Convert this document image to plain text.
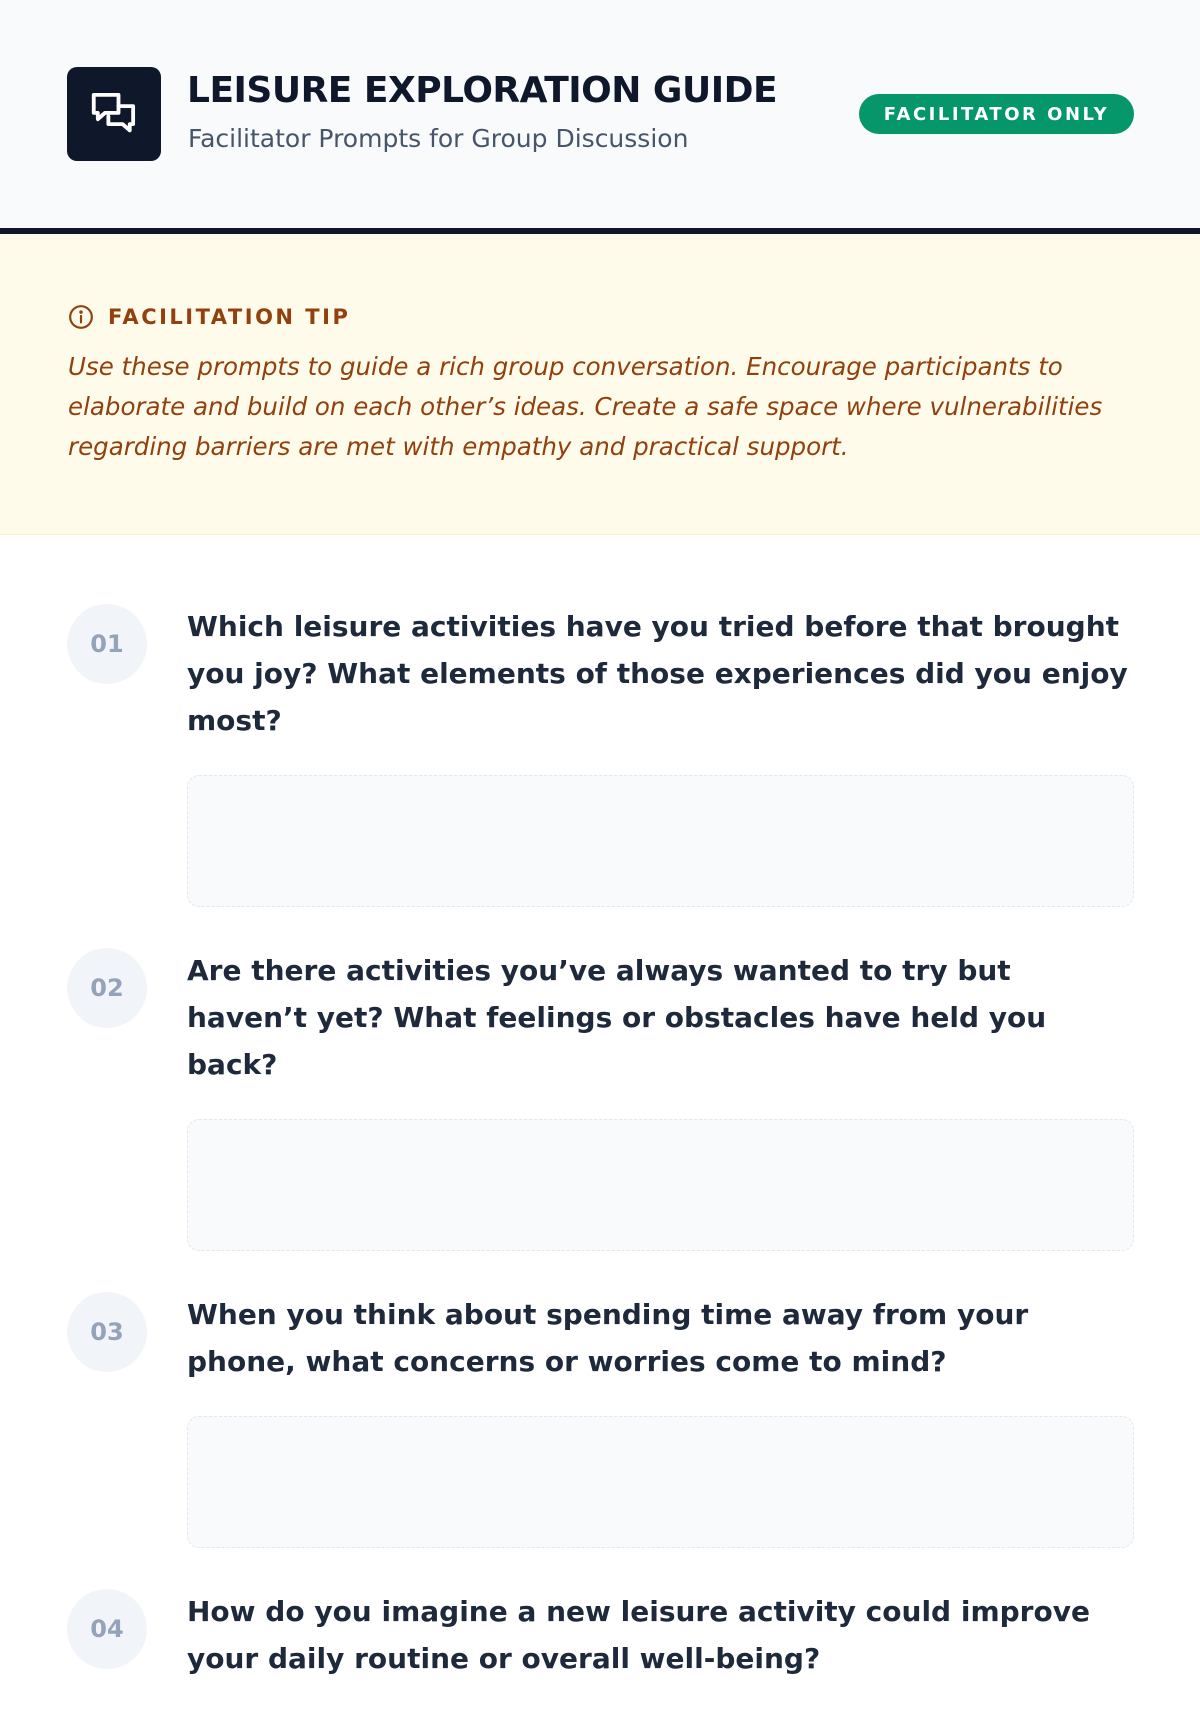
LEISURE EXPLORATION GUIDE
Facilitator Prompts for Group Discussion
FACILITATOR ONLY
FACILITATION TIP
Use these prompts to guide a rich group conversation. Encourage participants to elaborate and build on each other’s ideas. Create a safe space where vulnerabilities regarding barriers are met with empathy and practical support.
01
Which leisure activities have you tried before that brought you joy? What elements of those experiences did you enjoy most?
02
Are there activities you’ve always wanted to try but haven’t yet? What feelings or obstacles have held you back?
03
When you think about spending time away from your phone, what concerns or worries come to mind?
04
How do you imagine a new leisure activity could improve your daily routine or overall well-being?
